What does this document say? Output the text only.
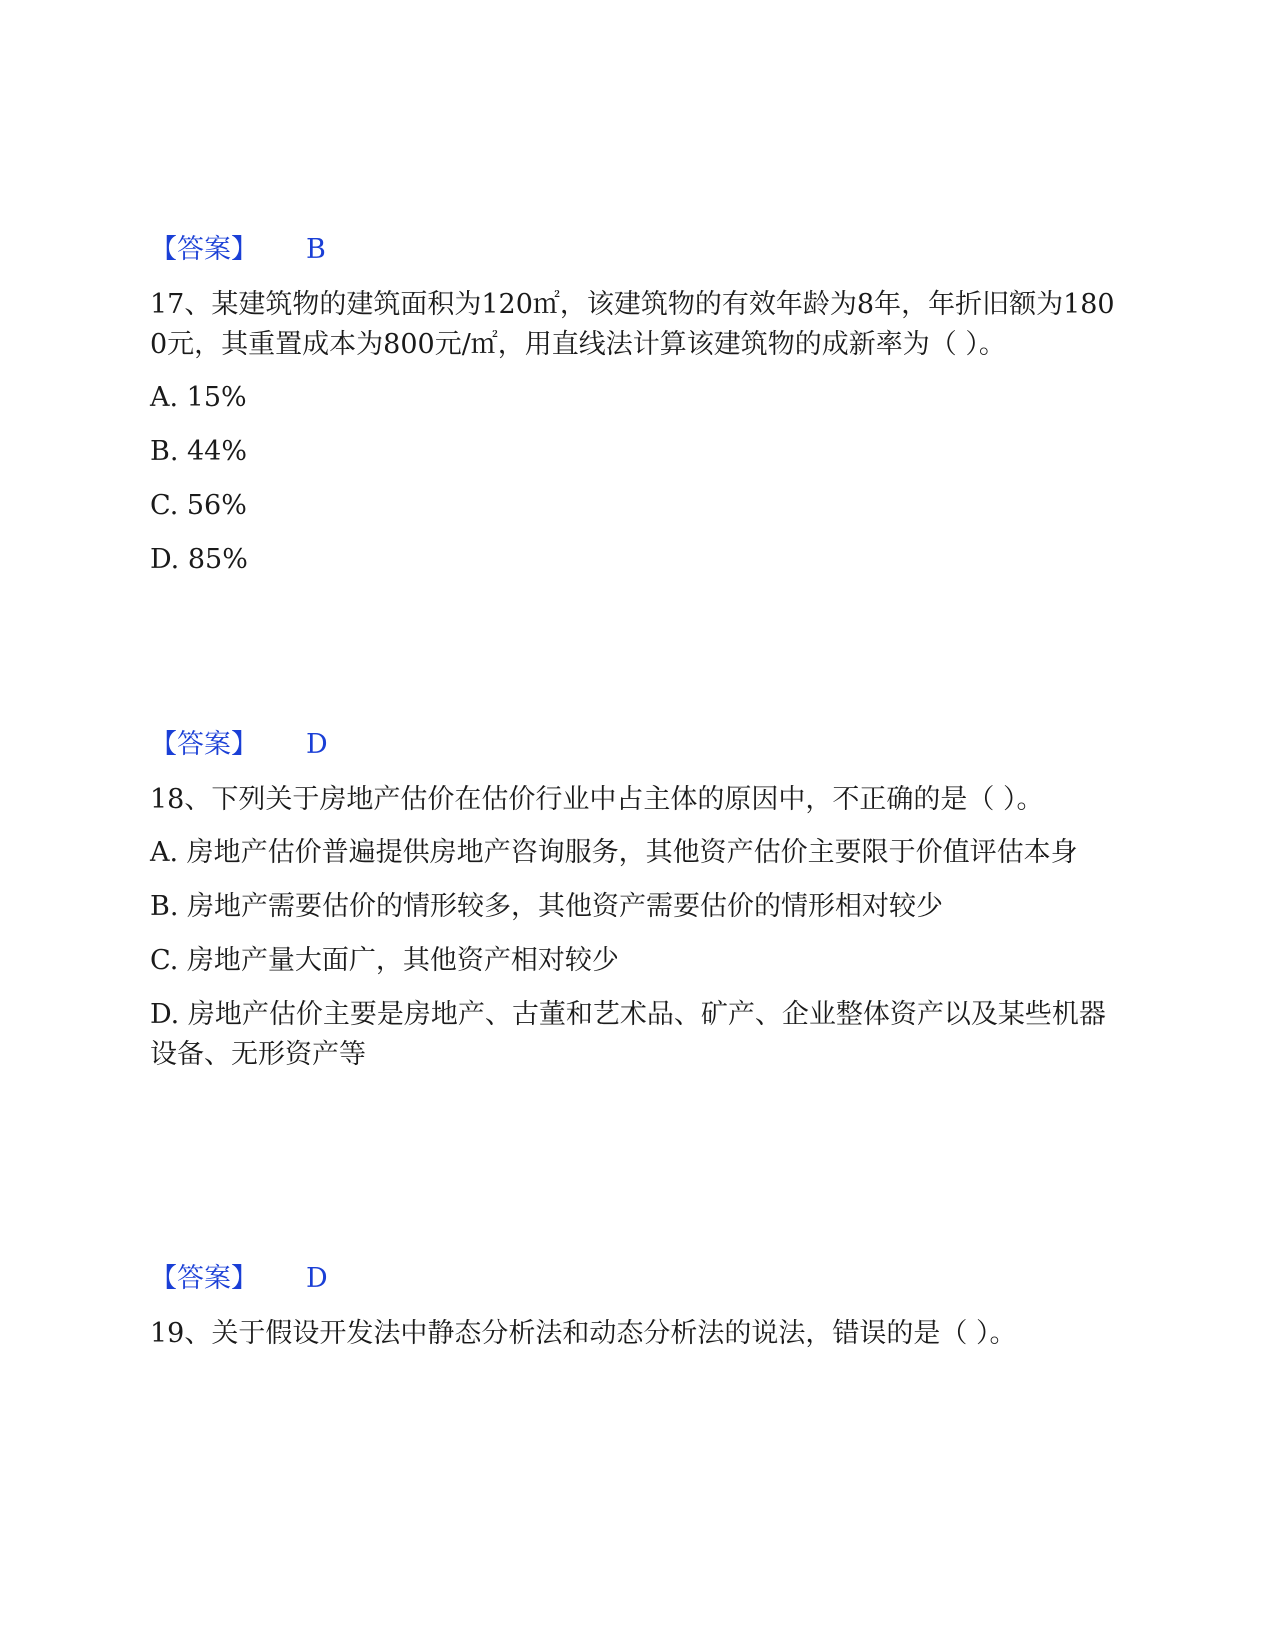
【答案】 B

17、某建筑物的建筑面积为120㎡，该建筑物的有效年龄为8年，年折旧额为1800元，其重置成本为800元/㎡，用直线法计算该建筑物的成新率为（ ）。

A. 15%

B. 44%

C. 56%

D. 85%

【答案】 D

18、下列关于房地产估价在估价行业中占主体的原因中，不正确的是（ ）。

A. 房地产估价普遍提供房地产咨询服务，其他资产估价主要限于价值评估本身

B. 房地产需要估价的情形较多，其他资产需要估价的情形相对较少

C. 房地产量大面广，其他资产相对较少

D. 房地产估价主要是房地产、古董和艺术品、矿产、企业整体资产以及某些机器设备、无形资产等

【答案】 D

19、关于假设开发法中静态分析法和动态分析法的说法，错误的是（ ）。
